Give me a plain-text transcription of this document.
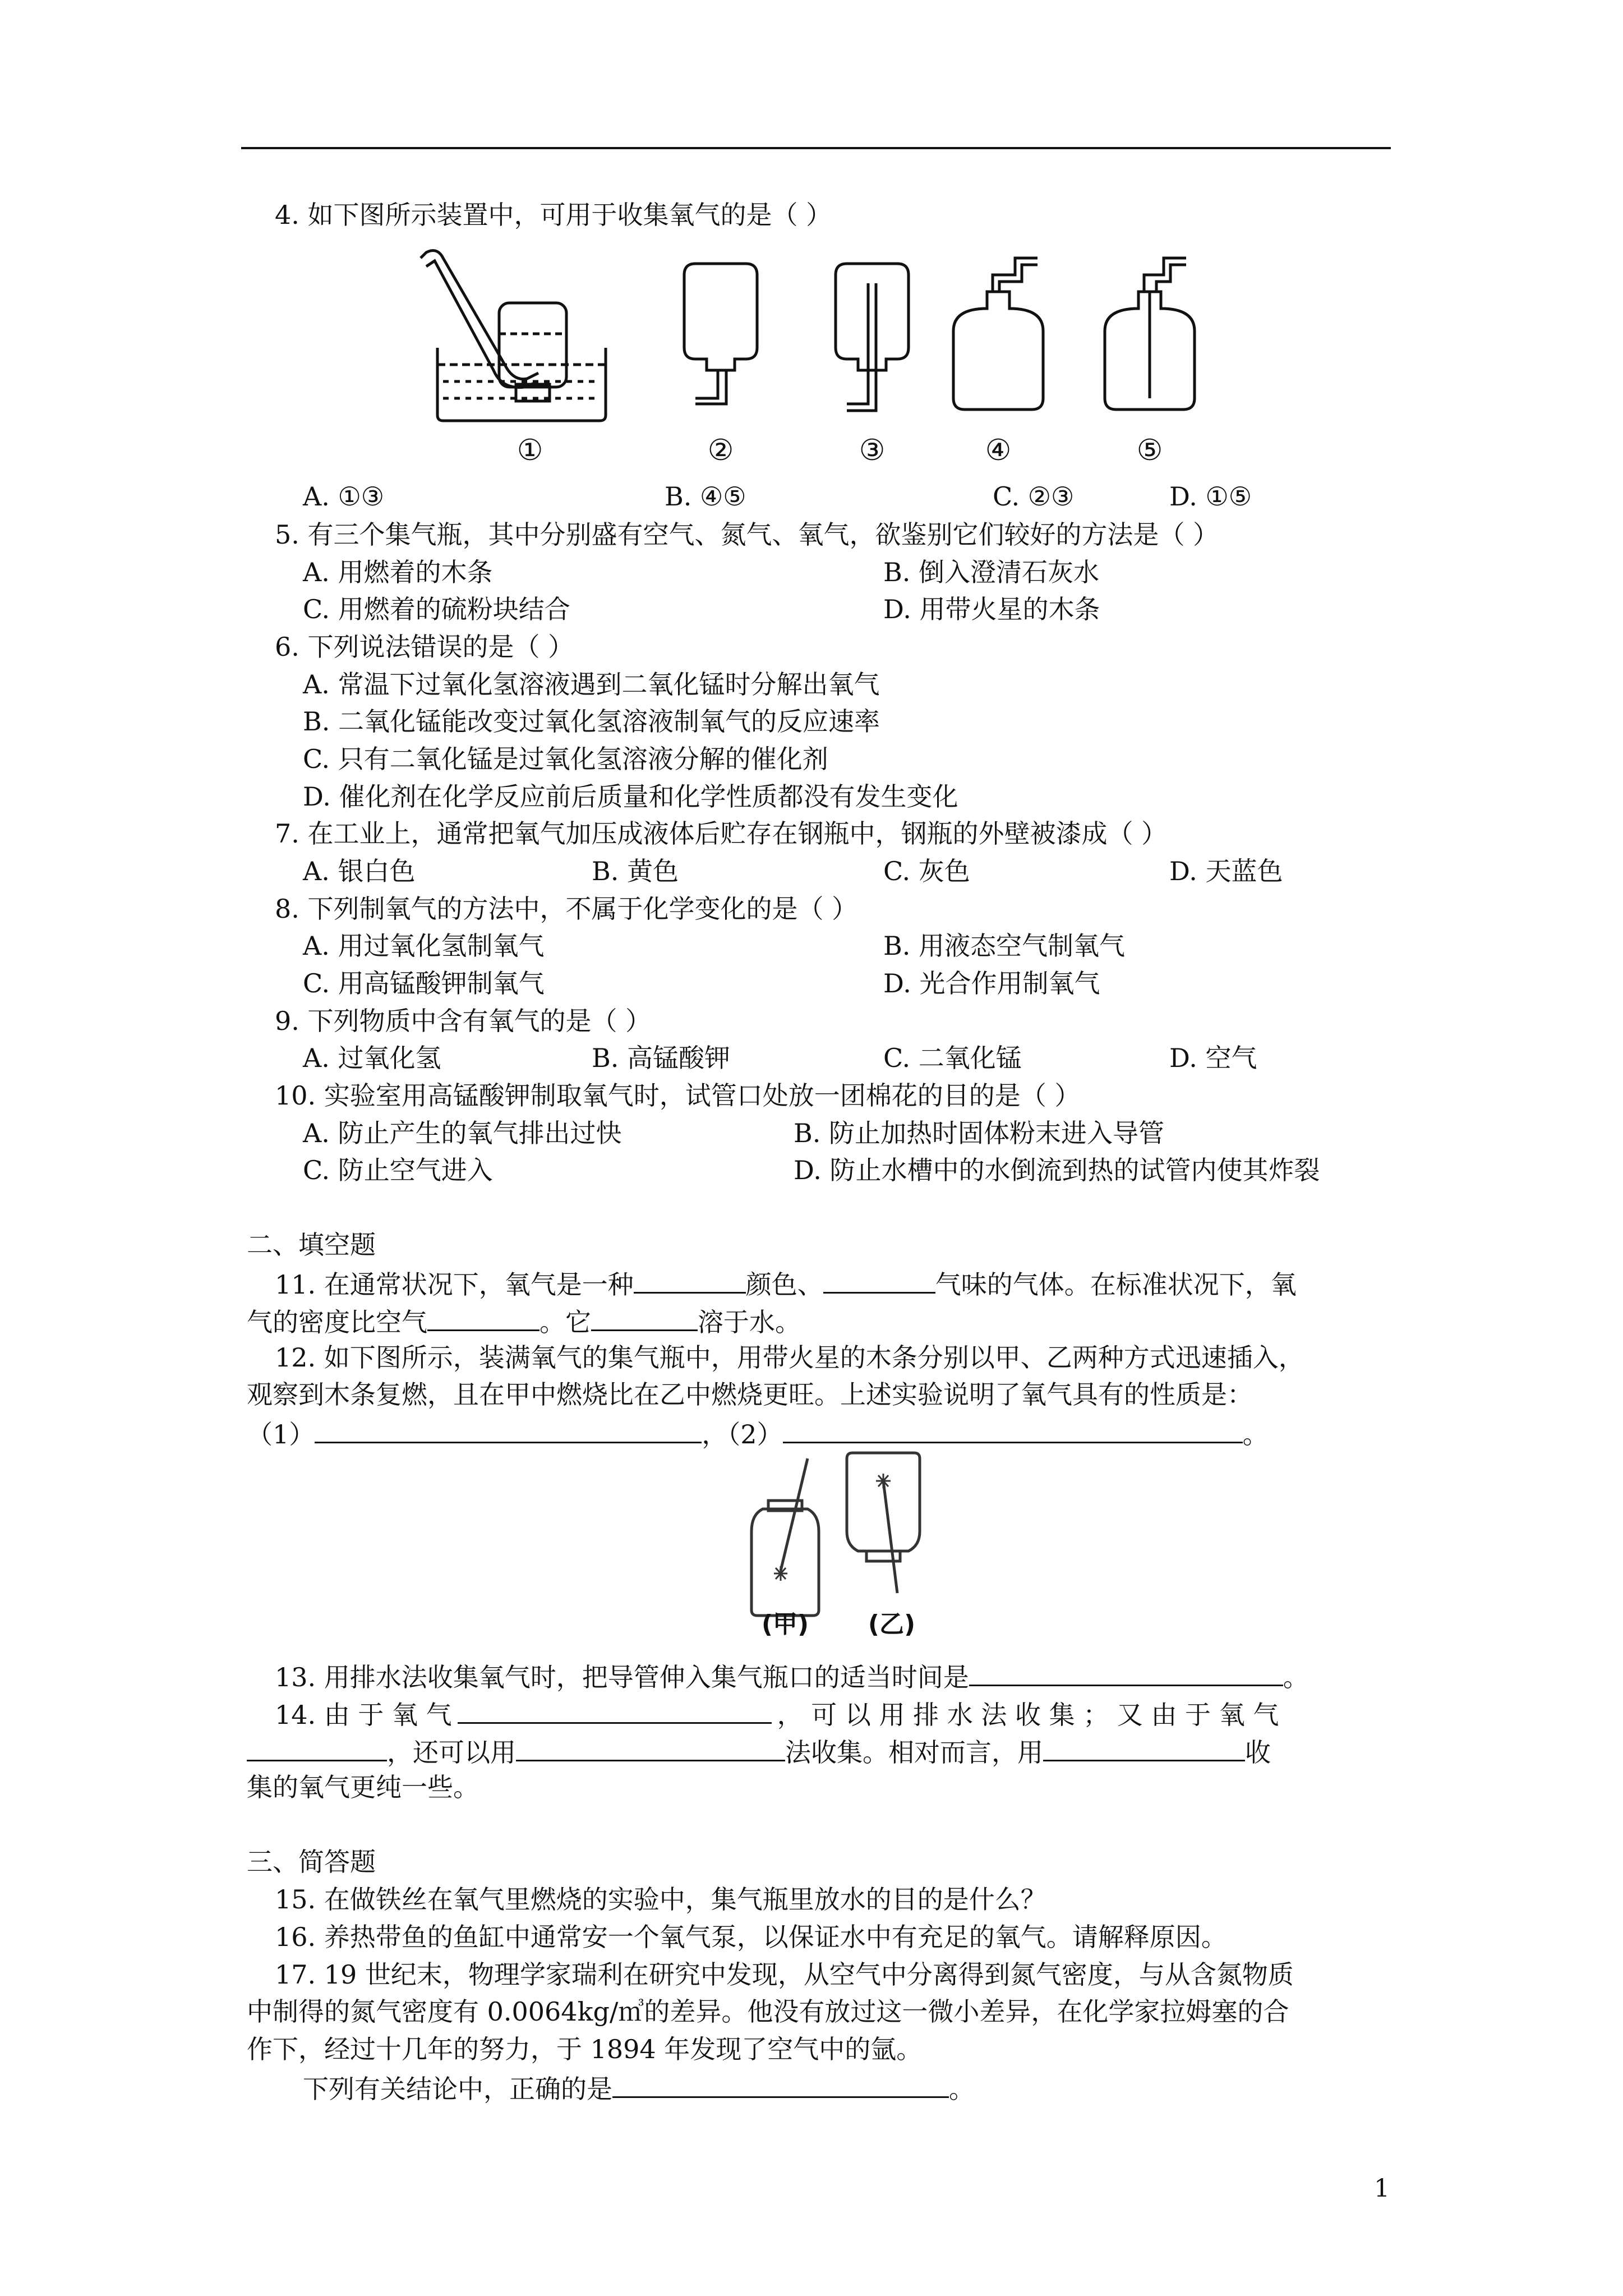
4. 如下图所示装置中，可用于收集氧气的是（ ）
①	②	③	④	⑤
A. ①③	B. ④⑤	C. ②③	D. ①⑤
5. 有三个集气瓶，其中分别盛有空气、氮气、氧气，欲鉴别它们较好的方法是（ ）
A. 用燃着的木条	B. 倒入澄清石灰水
C. 用燃着的硫粉块结合	D. 用带火星的木条
6. 下列说法错误的是（ ）
A. 常温下过氧化氢溶液遇到二氧化锰时分解出氧气
B. 二氧化锰能改变过氧化氢溶液制氧气的反应速率
C. 只有二氧化锰是过氧化氢溶液分解的催化剂
D. 催化剂在化学反应前后质量和化学性质都没有发生变化
7. 在工业上，通常把氧气加压成液体后贮存在钢瓶中，钢瓶的外壁被漆成（ ）
A. 银白色	B. 黄色	C. 灰色	D. 天蓝色
8. 下列制氧气的方法中，不属于化学变化的是（ ）
A. 用过氧化氢制氧气	B. 用液态空气制氧气
C. 用高锰酸钾制氧气	D. 光合作用制氧气
9. 下列物质中含有氧气的是（ ）
A. 过氧化氢	B. 高锰酸钾	C. 二氧化锰	D. 空气
10. 实验室用高锰酸钾制取氧气时，试管口处放一团棉花的目的是（ ）
A. 防止产生的氧气排出过快	B. 防止加热时固体粉末进入导管
C. 防止空气进入	D. 防止水槽中的水倒流到热的试管内使其炸裂
二、填空题
11. 在通常状况下，氧气是一种	颜色、	气味的气体。在标准状况下，氧
气的密度比空气	。它	溶于水。
12. 如下图所示，装满氧气的集气瓶中，用带火星的木条分别以甲、乙两种方式迅速插入，
观察到木条复燃，且在甲中燃烧比在乙中燃烧更旺。上述实验说明了氧气具有的性质是：
（1）	，（2）	。
(甲) (乙)
13. 用排水法收集氧气时，把导管伸入集气瓶口的适当时间是	。
14. 由 于 氧 气	， 可 以 用 排 水 法 收 集 ； 又 由 于 氧 气
，还可以用	法收集。相对而言，用	收
集的氧气更纯一些。
三、简答题
15. 在做铁丝在氧气里燃烧的实验中，集气瓶里放水的目的是什么？
16. 养热带鱼的鱼缸中通常安一个氧气泵，以保证水中有充足的氧气。请解释原因。
17. 19 世纪末，物理学家瑞利在研究中发现，从空气中分离得到氮气密度，与从含氮物质
中制得的氮气密度有 0.0064kg/㎥的差异。他没有放过这一微小差异，在化学家拉姆塞的合
作下，经过十几年的努力，于 1894 年发现了空气中的氩。
下列有关结论中，正确的是	。
1
